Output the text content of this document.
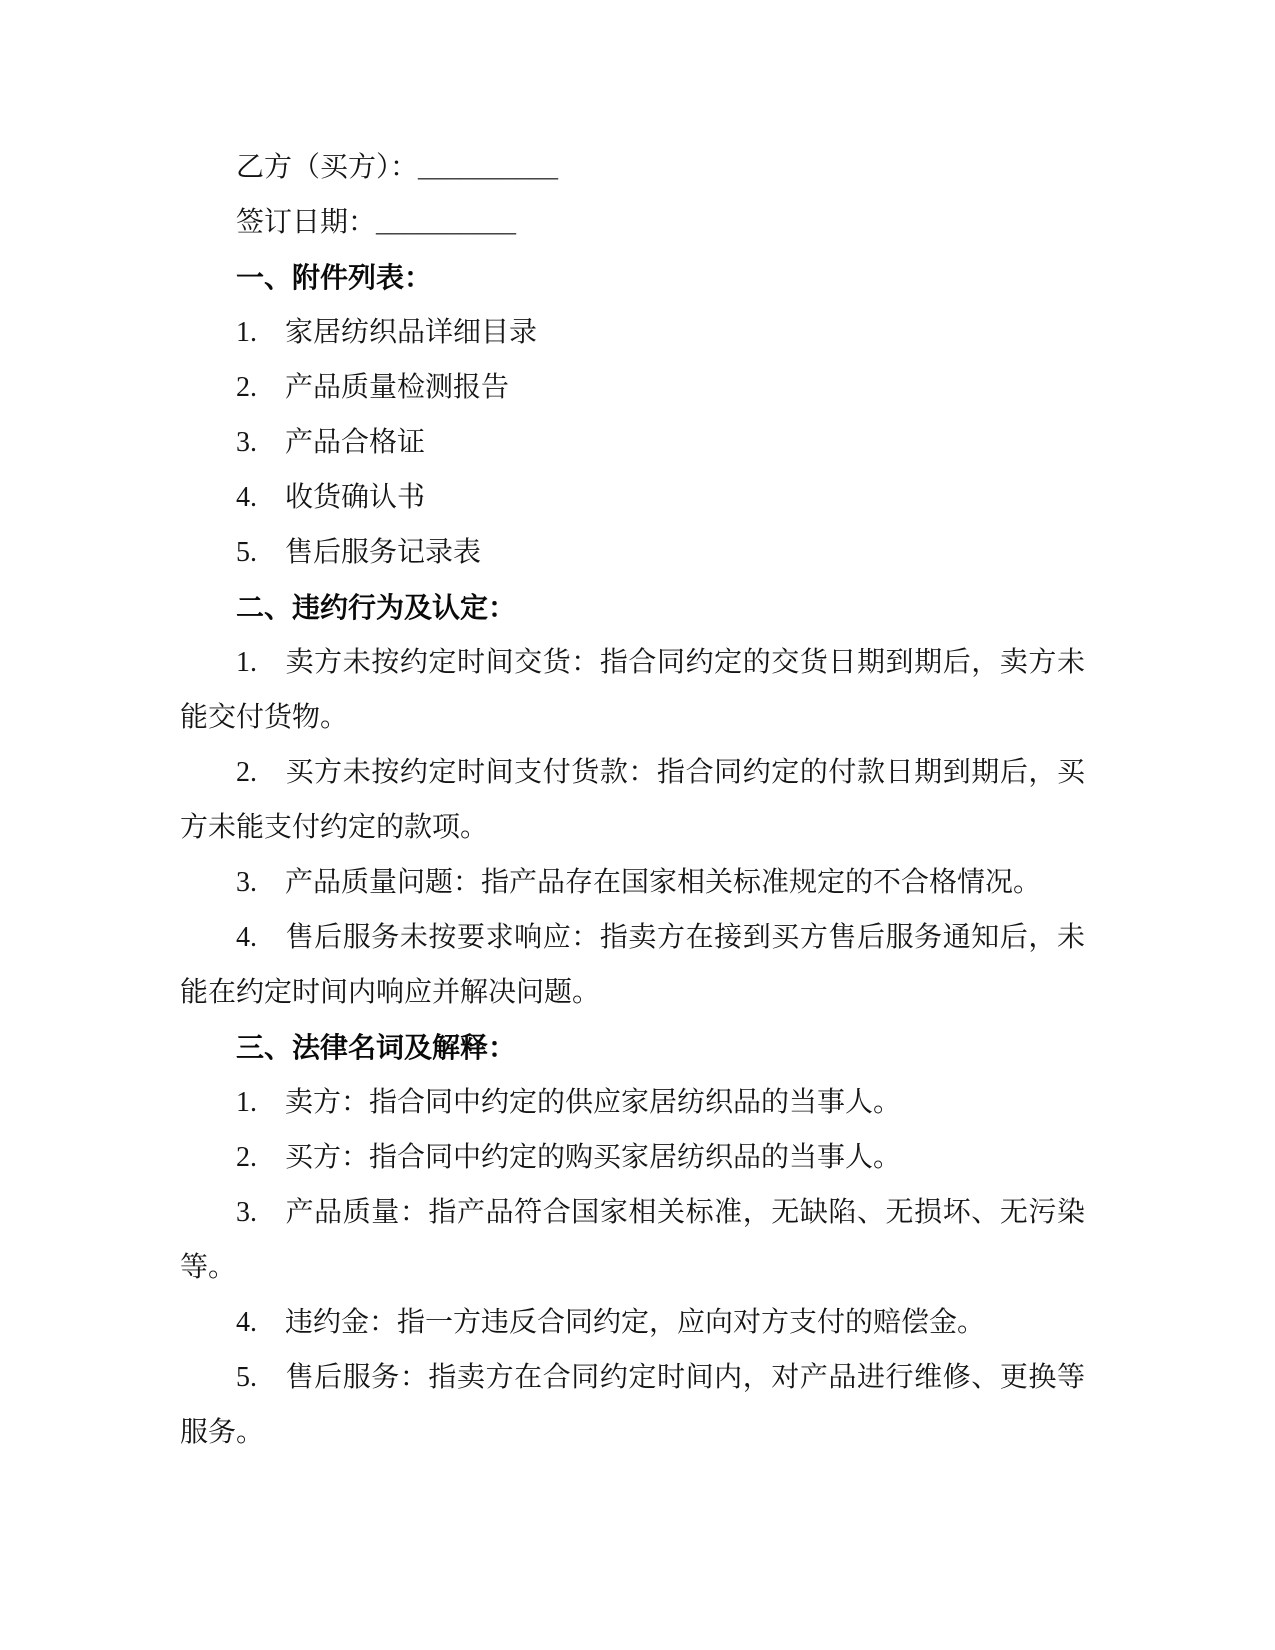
乙方（买方）：__________

签订日期：__________

一、附件列表：

1. 家居纺织品详细目录

2. 产品质量检测报告

3. 产品合格证

4. 收货确认书

5. 售后服务记录表

二、违约行为及认定：

1. 卖方未按约定时间交货：指合同约定的交货日期到期后，卖方未能交付货物。

2. 买方未按约定时间支付货款：指合同约定的付款日期到期后，买方未能支付约定的款项。

3. 产品质量问题：指产品存在国家相关标准规定的不合格情况。

4. 售后服务未按要求响应：指卖方在接到买方售后服务通知后，未能在约定时间内响应并解决问题。

三、法律名词及解释：

1. 卖方：指合同中约定的供应家居纺织品的当事人。

2. 买方：指合同中约定的购买家居纺织品的当事人。

3. 产品质量：指产品符合国家相关标准，无缺陷、无损坏、无污染等。

4. 违约金：指一方违反合同约定，应向对方支付的赔偿金。

5. 售后服务：指卖方在合同约定时间内，对产品进行维修、更换等服务。
